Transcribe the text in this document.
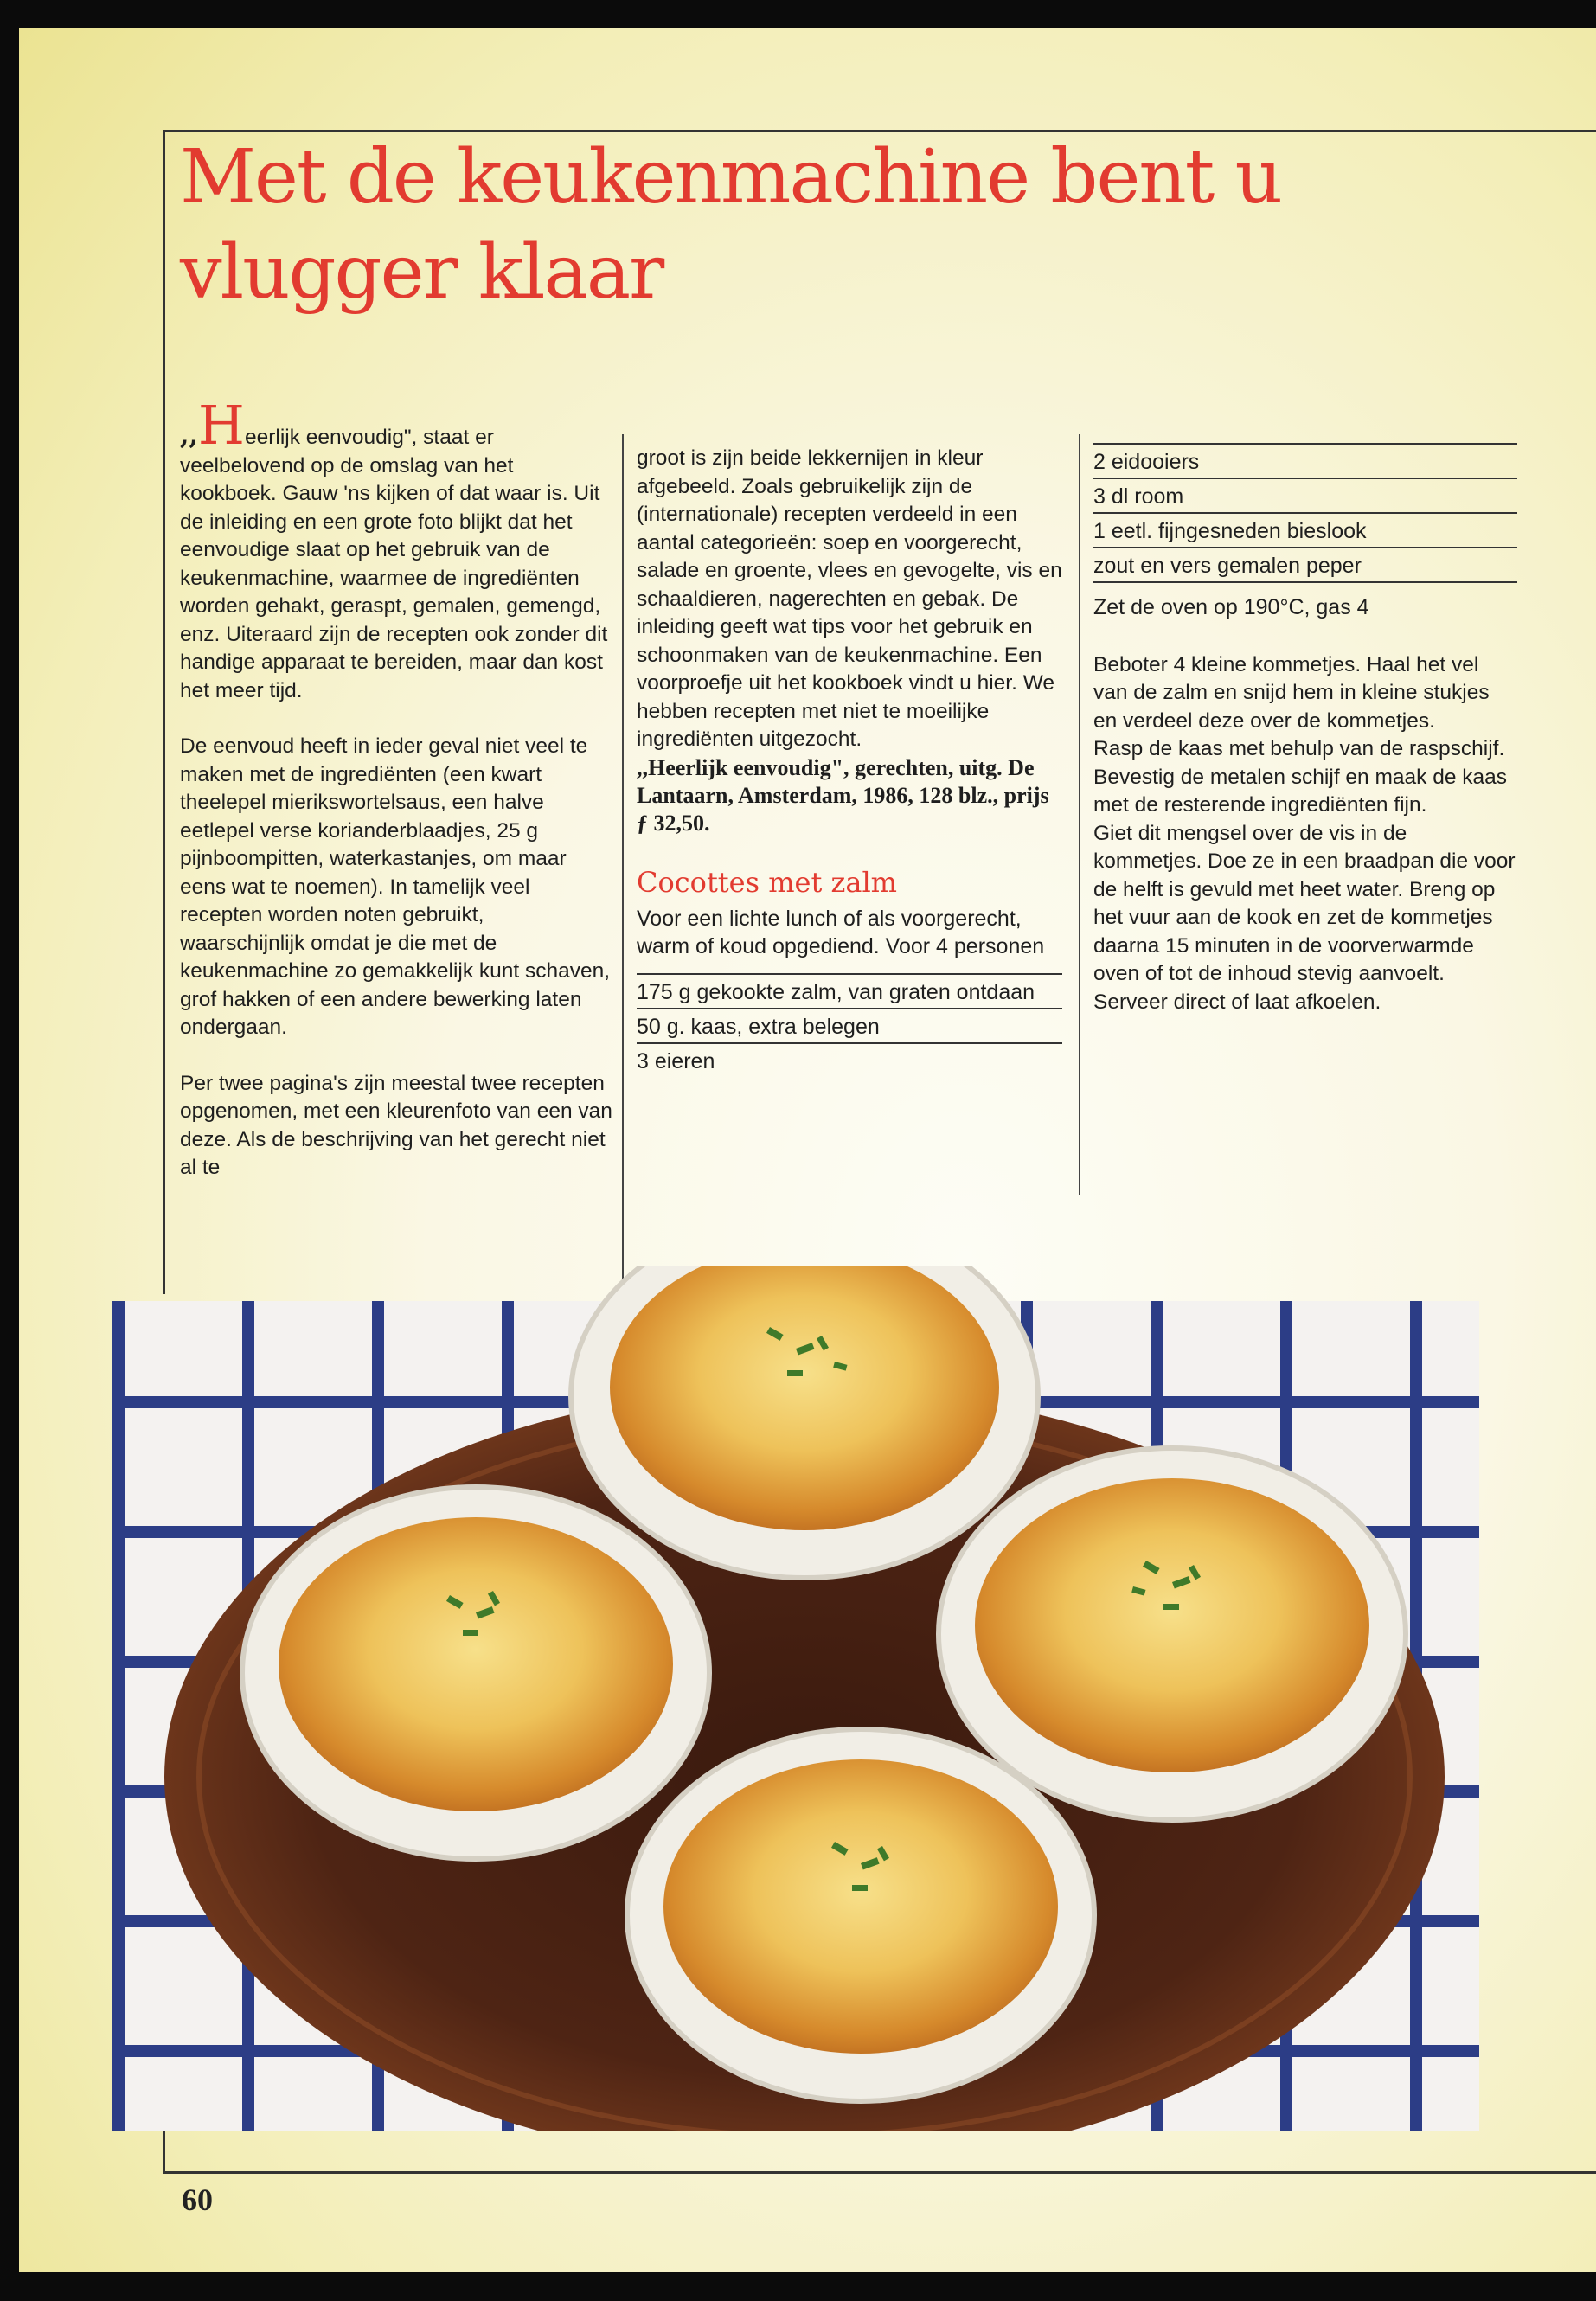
Met de keukenmachine bent u vlugger klaar

,,Heerlijk eenvoudig", staat er veelbelovend op de omslag van het kookboek. Gauw 'ns kijken of dat waar is. Uit de inleiding en een grote foto blijkt dat het eenvoudige slaat op het gebruik van de keukenmachine, waarmee de ingrediënten worden gehakt, geraspt, gemalen, gemengd, enz. Uiteraard zijn de recepten ook zonder dit handige apparaat te bereiden, maar dan kost het meer tijd.

De eenvoud heeft in ieder geval niet veel te maken met de ingrediënten (een kwart theelepel mierikswortelsaus, een halve eetlepel verse korianderblaadjes, 25 g pijnboompitten, waterkastanjes, om maar eens wat te noemen). In tamelijk veel recepten worden noten gebruikt, waarschijnlijk omdat je die met de keukenmachine zo gemakkelijk kunt schaven, grof hakken of een andere bewerking laten ondergaan.

Per twee pagina's zijn meestal twee recepten opgenomen, met een kleurenfoto van een van deze. Als de beschrijving van het gerecht niet al te

groot is zijn beide lekkernijen in kleur afgebeeld. Zoals gebruikelijk zijn de (internationale) recepten verdeeld in een aantal categorieën: soep en voorgerecht, salade en groente, vlees en gevogelte, vis en schaaldieren, nagerechten en gebak. De inleiding geeft wat tips voor het gebruik en schoonmaken van de keukenmachine. Een voorproefje uit het kookboek vindt u hier. We hebben recepten met niet te moeilijke ingrediënten uitgezocht.

,,Heerlijk eenvoudig", gerechten, uitg. De Lantaarn, Amsterdam, 1986, 128 blz., prijs ƒ 32,50.

Cocottes met zalm

Voor een lichte lunch of als voorgerecht, warm of koud opgediend. Voor 4 personen

175 g gekookte zalm, van graten ontdaan
50 g. kaas, extra belegen
3 eieren
2 eidooiers
3 dl room
1 eetl. fijngesneden bieslook
zout en vers gemalen peper

Zet de oven op 190°C, gas 4

Beboter 4 kleine kommetjes. Haal het vel van de zalm en snijd hem in kleine stukjes en verdeel deze over de kommetjes.

Rasp de kaas met behulp van de raspschijf. Bevestig de metalen schijf en maak de kaas met de resterende ingrediënten fijn.

Giet dit mengsel over de vis in de kommetjes. Doe ze in een braadpan die voor de helft is gevuld met heet water. Breng op het vuur aan de kook en zet de kommetjes daarna 15 minuten in de voorverwarmde oven of tot de inhoud stevig aanvoelt. Serveer direct of laat afkoelen.

60
